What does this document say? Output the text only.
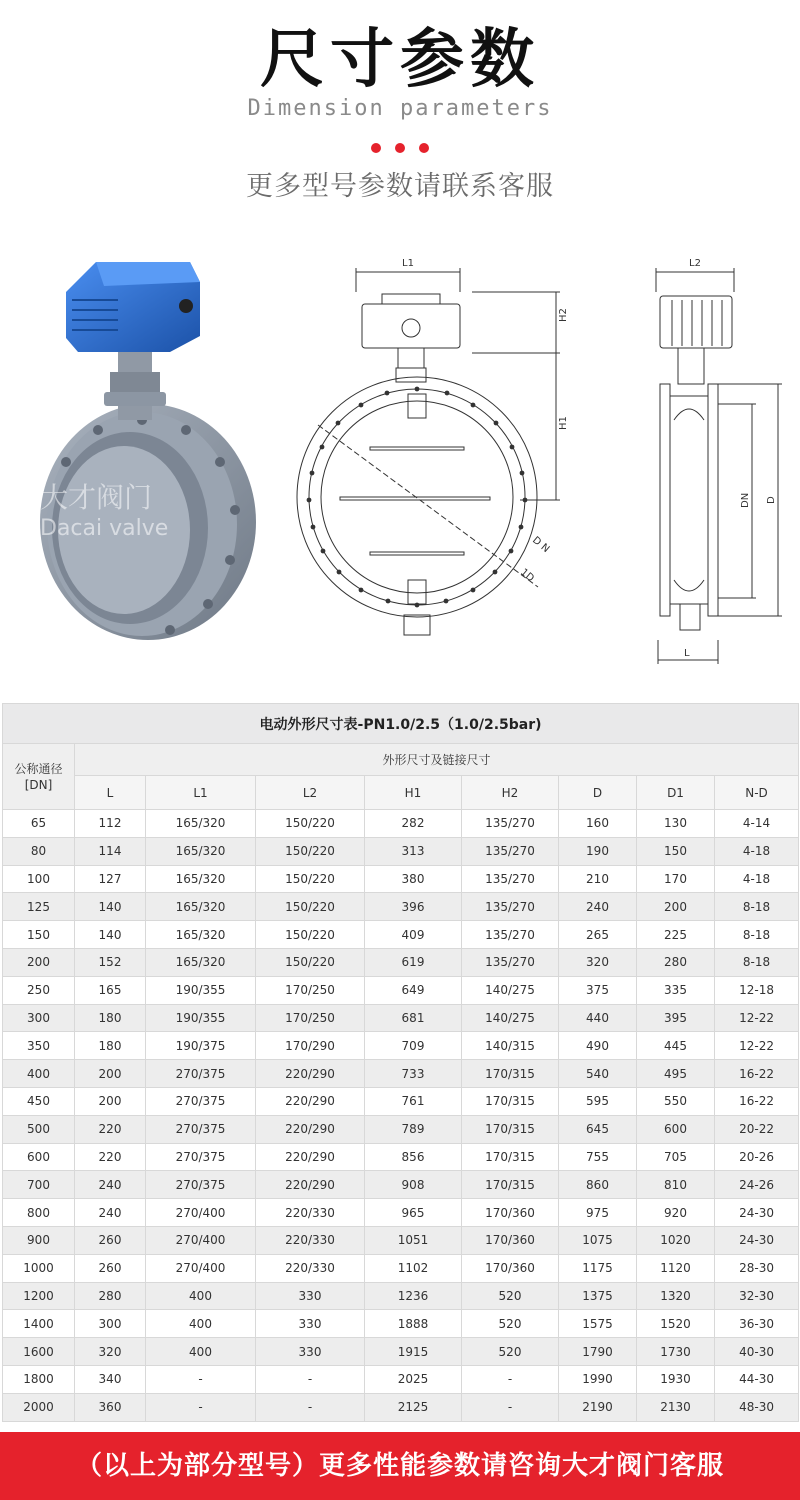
尺寸参数
Dimension parameters
更多型号参数请联系客服
大才阀门
Dacai valve
L1
H2
H1
D N
1D
L2
DN D
L
电动外形尺寸表-PN1.0/2.5（1.0/2.5bar)								
公称通径
[DN]	外形尺寸及链接尺寸							
	L	L1	L2	H1	H2	D	D1	N-D
65	112	165/320	150/220	282	135/270	160	130	4-14
80	114	165/320	150/220	313	135/270	190	150	4-18
100	127	165/320	150/220	380	135/270	210	170	4-18
125	140	165/320	150/220	396	135/270	240	200	8-18
150	140	165/320	150/220	409	135/270	265	225	8-18
200	152	165/320	150/220	619	135/270	320	280	8-18
250	165	190/355	170/250	649	140/275	375	335	12-18
300	180	190/355	170/250	681	140/275	440	395	12-22
350	180	190/375	170/290	709	140/315	490	445	12-22
400	200	270/375	220/290	733	170/315	540	495	16-22
450	200	270/375	220/290	761	170/315	595	550	16-22
500	220	270/375	220/290	789	170/315	645	600	20-22
600	220	270/375	220/290	856	170/315	755	705	20-26
700	240	270/375	220/290	908	170/315	860	810	24-26
800	240	270/400	220/330	965	170/360	975	920	24-30
900	260	270/400	220/330	1051	170/360	1075	1020	24-30
1000	260	270/400	220/330	1102	170/360	1175	1120	28-30
1200	280	400	330	1236	520	1375	1320	32-30
1400	300	400	330	1888	520	1575	1520	36-30
1600	320	400	330	1915	520	1790	1730	40-30
1800	340	-	-	2025	-	1990	1930	44-30
2000	360	-	-	2125	-	2190	2130	48-30
（以上为部分型号）更多性能参数请咨询大才阀门客服
